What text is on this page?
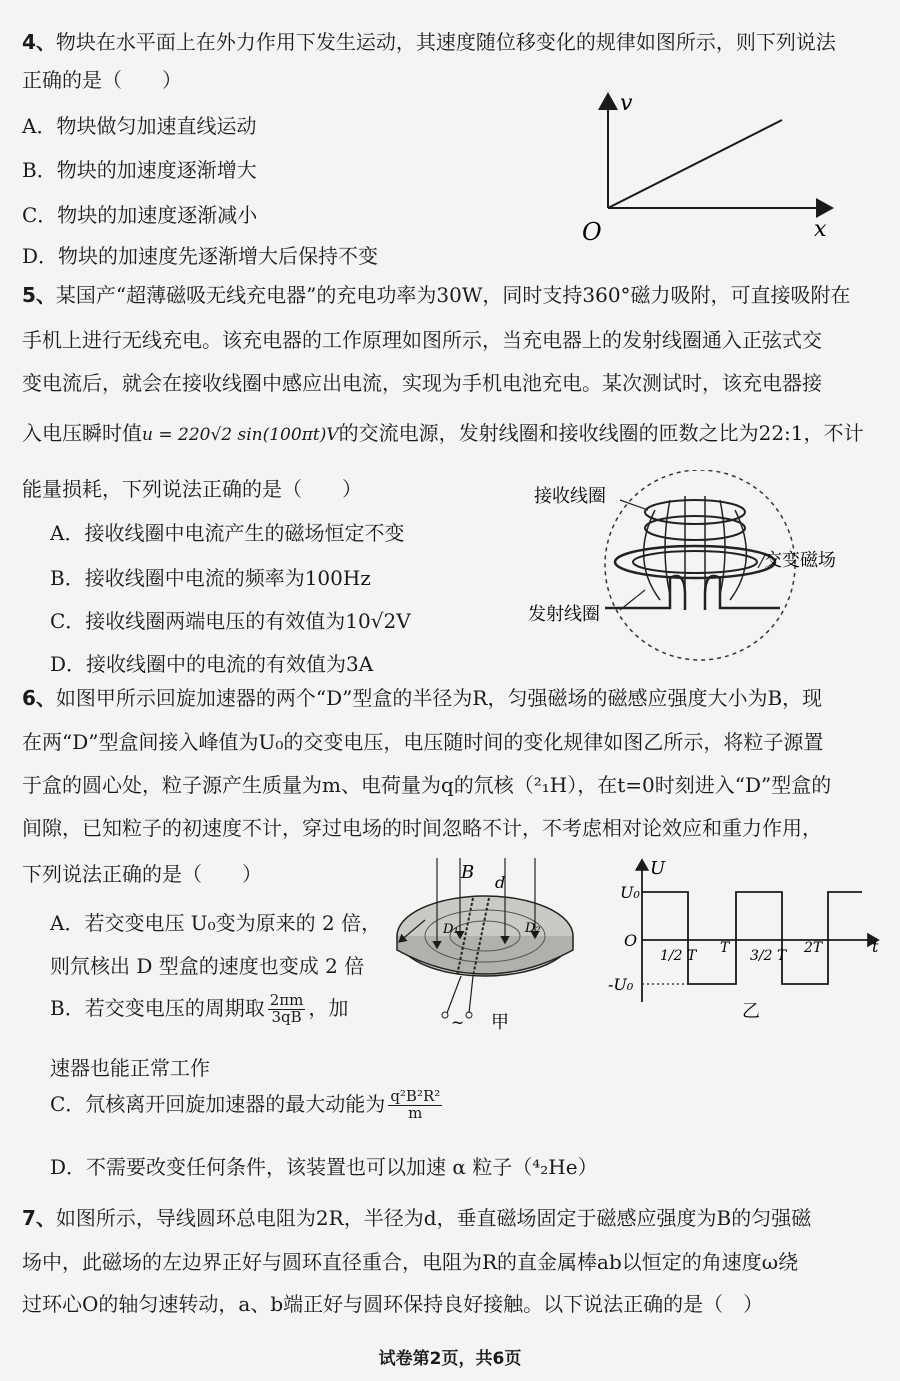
4、物块在水平面上在外力作用下发生运动，其速度随位移变化的规律如图所示，则下列说法
正确的是（　　）
A．物块做匀加速直线运动
B．物块的加速度逐渐增大
C．物块的加速度逐渐减小
D．物块的加速度先逐渐增大后保持不变
v
x
O
5、某国产“超薄磁吸无线充电器”的充电功率为30W，同时支持360°磁力吸附，可直接吸附在
手机上进行无线充电。该充电器的工作原理如图所示，当充电器上的发射线圈通入正弦式交
变电流后，就会在接收线圈中感应出电流，实现为手机电池充电。某次测试时，该充电器接
入电压瞬时值u = 220√2 sin(100πt)V的交流电源，发射线圈和接收线圈的匝数之比为22:1，不计
能量损耗，下列说法正确的是（　　）
A．接收线圈中电流产生的磁场恒定不变
B．接收线圈中电流的频率为100Hz
C．接收线圈两端电压的有效值为10√2V
D．接收线圈中的电流的有效值为3A
接收线圈
交变磁场
发射线圈
6、如图甲所示回旋加速器的两个“D”型盒的半径为R，匀强磁场的磁感应强度大小为B，现
在两“D”型盒间接入峰值为U₀的交变电压，电压随时间的变化规律如图乙所示，将粒子源置
于盒的圆心处，粒子源产生质量为m、电荷量为q的氘核（²₁H），在t=0时刻进入“D”型盒的
间隙，已知粒子的初速度不计，穿过电场的时间忽略不计，不考虑相对论效应和重力作用，
下列说法正确的是（　　）
A．若交变电压 U₀变为原来的 2 倍，
则氘核出 D 型盒的速度也变成 2 倍
B．若交变电压的周期取 $\frac{2\pi m}{3qB}$ ，加
速器也能正常工作
C．氘核离开回旋加速器的最大动能为 $\frac{\text{q²B²R²}}{m}$
D．不需要改变任何条件，该装置也可以加速 α 粒子（⁴₂He）
B d
D₁	D₂
~ 甲
U
t
U₀
O
-U₀
1/2 T T 3/2 T 2T
乙
7、如图所示，导线圆环总电阻为2R，半径为d，垂直磁场固定于磁感应强度为B的匀强磁
场中，此磁场的左边界正好与圆环直径重合，电阻为R的直金属棒ab以恒定的角速度ω绕
过环心O的轴匀速转动，a、b端正好与圆环保持良好接触。以下说法正确的是（　）
试卷第2页，共6页
